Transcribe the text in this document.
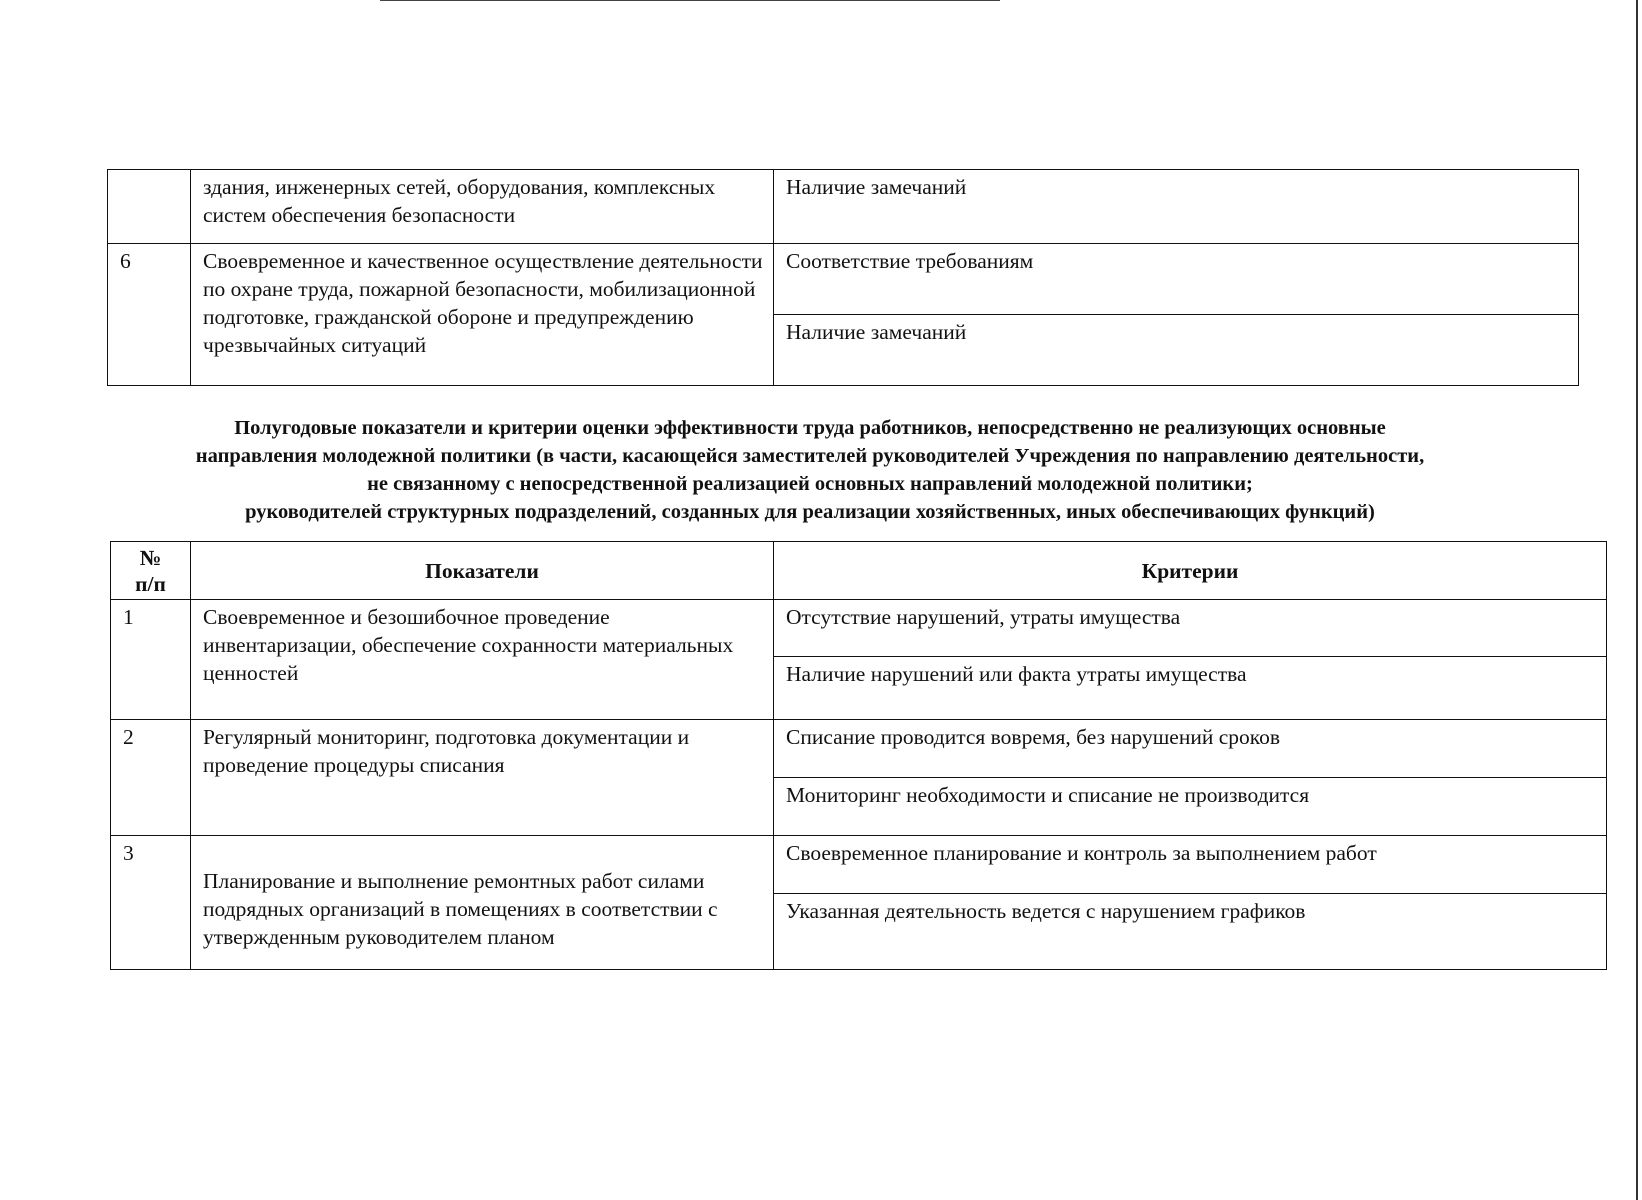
	здания, инженерных сетей, оборудования, комплексных систем обеспечения безопасности	Наличие замечаний
6	Своевременное и качественное осуществление деятельности по охране труда, пожарной безопасности, мобилизационной подготовке, гражданской обороне и предупреждению чрезвычайных ситуаций	Соответствие требованиям
		Наличие замечаний
Полугодовые показатели и критерии оценки эффективности труда работников, непосредственно не реализующих основные
направления молодежной политики (в части, касающейся заместителей руководителей Учреждения по направлению деятельности,
не связанному с непосредственной реализацией основных направлений молодежной политики;
руководителей структурных подразделений, созданных для реализации хозяйственных, иных обеспечивающих функций)
№
п/п	Показатели	Критерии
1	Своевременное и безошибочное проведение инвентаризации, обеспечение сохранности материальных ценностей	Отсутствие нарушений, утраты имущества
		Наличие нарушений или факта утраты имущества
2	Регулярный мониторинг, подготовка документации и проведение процедуры списания	Списание проводится вовремя, без нарушений сроков
		Мониторинг необходимости и списание не производится
3	Планирование и выполнение ремонтных работ силами подрядных организаций в помещениях в соответствии с утвержденным руководителем планом	Своевременное планирование и контроль за выполнением работ
		Указанная деятельность ведется с нарушением графиков
